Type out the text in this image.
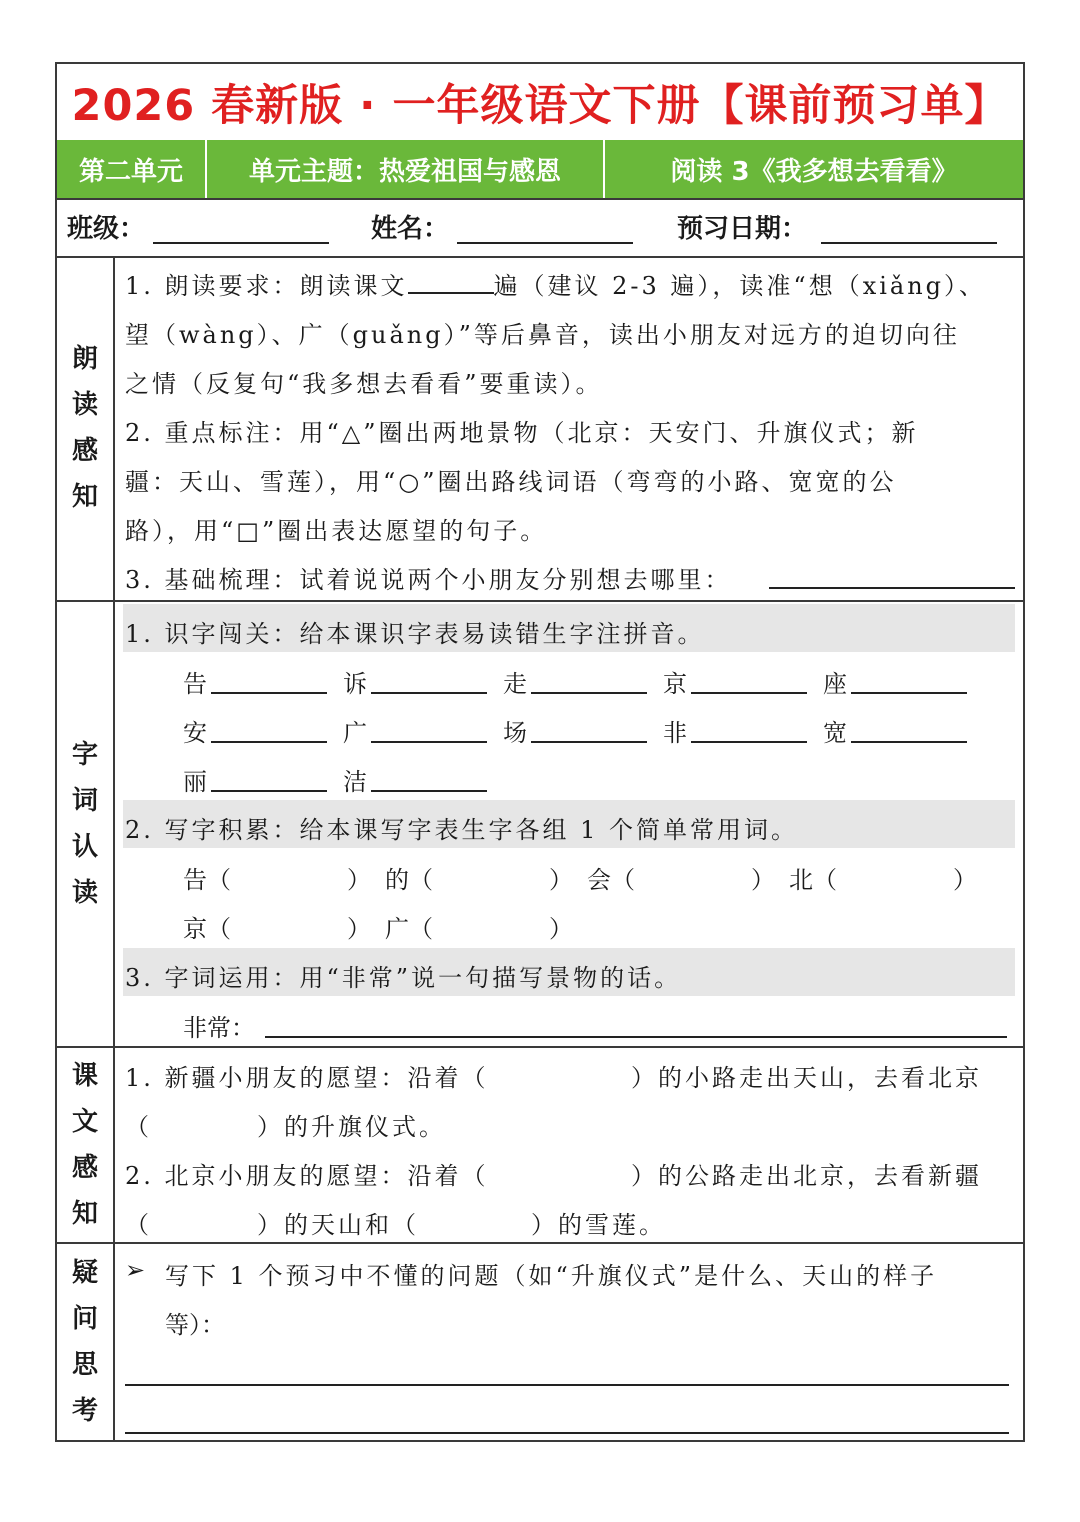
2026 春新版 · 一年级语文下册【课前预习单】
第二单元	单元主题：热爱祖国与感恩	阅读 3《我多想去看看》
班级：	姓名：	预习日期：
朗
读
感
知
1. 朗读要求：朗读课文	遍（建议 2-3 遍），读准“想（xiǎng）、
望（wàng）、广（guǎng）”等后鼻音，读出小朋友对远方的迫切向往
之情（反复句“我多想去看看”要重读）。
2. 重点标注：用“△”圈出两地景物（北京：天安门、升旗仪式；新
疆：天山、雪莲），用“○”圈出路线词语（弯弯的小路、宽宽的公
路），用“□”圈出表达愿望的句子。
3. 基础梳理：试着说说两个小朋友分别想去哪里：
字
词
认
读
1. 识字闯关：给本课识字表易读错生字注拼音。
告	诉	走	京	座
安	广	场	非	宽
丽	洁
2. 写字积累：给本课写字表生字各组 1 个简单常用词。
告（	） 的（	） 会（	） 北（	）
京（	） 广（	）
3. 字词运用：用“非常”说一句描写景物的话。
非常：
课
文
感
知
1. 新疆小朋友的愿望：沿着（	）的小路走出天山，去看北京
（	）的升旗仪式。
2. 北京小朋友的愿望：沿着（	）的公路走出北京，去看新疆
（	）的天山和（	）的雪莲。
疑
问
思
考
➢ 写下 1 个预习中不懂的问题（如“升旗仪式”是什么、天山的样子
等）：
